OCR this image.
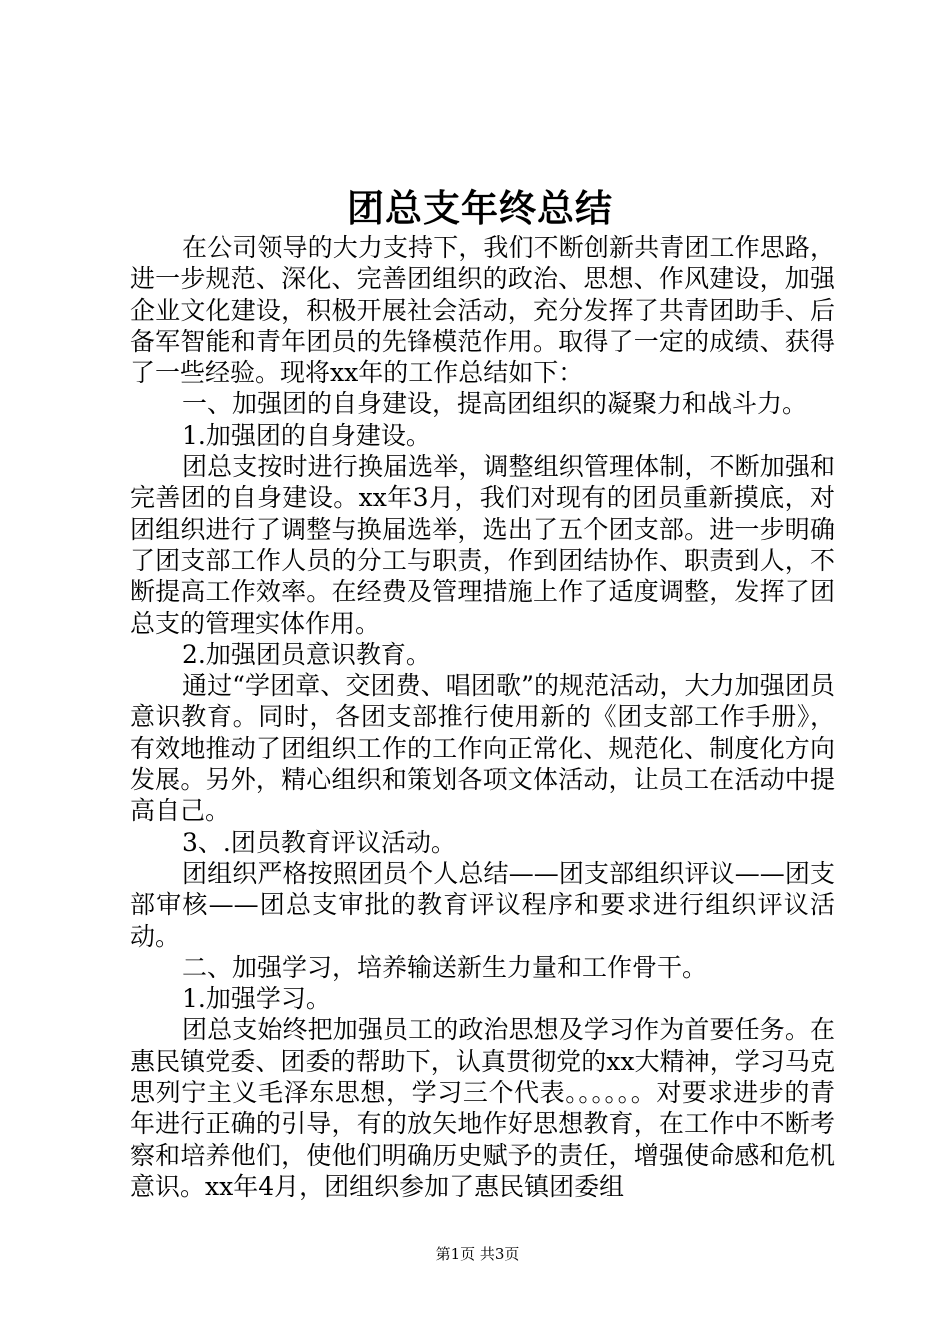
团总支年终总结

在公司领导的大力支持下，我们不断创新共青团工作思路，进一步规范、深化、完善团组织的政治、思想、作风建设，加强企业文化建设，积极开展社会活动，充分发挥了共青团助手、后备军智能和青年团员的先锋模范作用。取得了一定的成绩、获得了一些经验。现将xx年的工作总结如下：

一、加强团的自身建设，提高团组织的凝聚力和战斗力。

1.加强团的自身建设。

团总支按时进行换届选举，调整组织管理体制，不断加强和完善团的自身建设。xx年3月，我们对现有的团员重新摸底，对团组织进行了调整与换届选举，选出了五个团支部。进一步明确了团支部工作人员的分工与职责，作到团结协作、职责到人，不断提高工作效率。在经费及管理措施上作了适度调整，发挥了团总支的管理实体作用。

2.加强团员意识教育。

通过“学团章、交团费、唱团歌”的规范活动，大力加强团员意识教育。同时，各团支部推行使用新的《团支部工作手册》，有效地推动了团组织工作的工作向正常化、规范化、制度化方向发展。另外，精心组织和策划各项文体活动，让员工在活动中提高自己。

3、.团员教育评议活动。

团组织严格按照团员个人总结——团支部组织评议——团支部审核——团总支审批的教育评议程序和要求进行组织评议活动。

二、加强学习，培养输送新生力量和工作骨干。

1.加强学习。

团总支始终把加强员工的政治思想及学习作为首要任务。在惠民镇党委、团委的帮助下，认真贯彻党的xx大精神，学习马克思列宁主义毛泽东思想，学习三个代表。。。。。。对要求进步的青年进行正确的引导，有的放矢地作好思想教育，在工作中不断考察和培养他们，使他们明确历史赋予的责任，增强使命感和危机意识。xx年4月，团组织参加了惠民镇团委组

第1页 共3页
